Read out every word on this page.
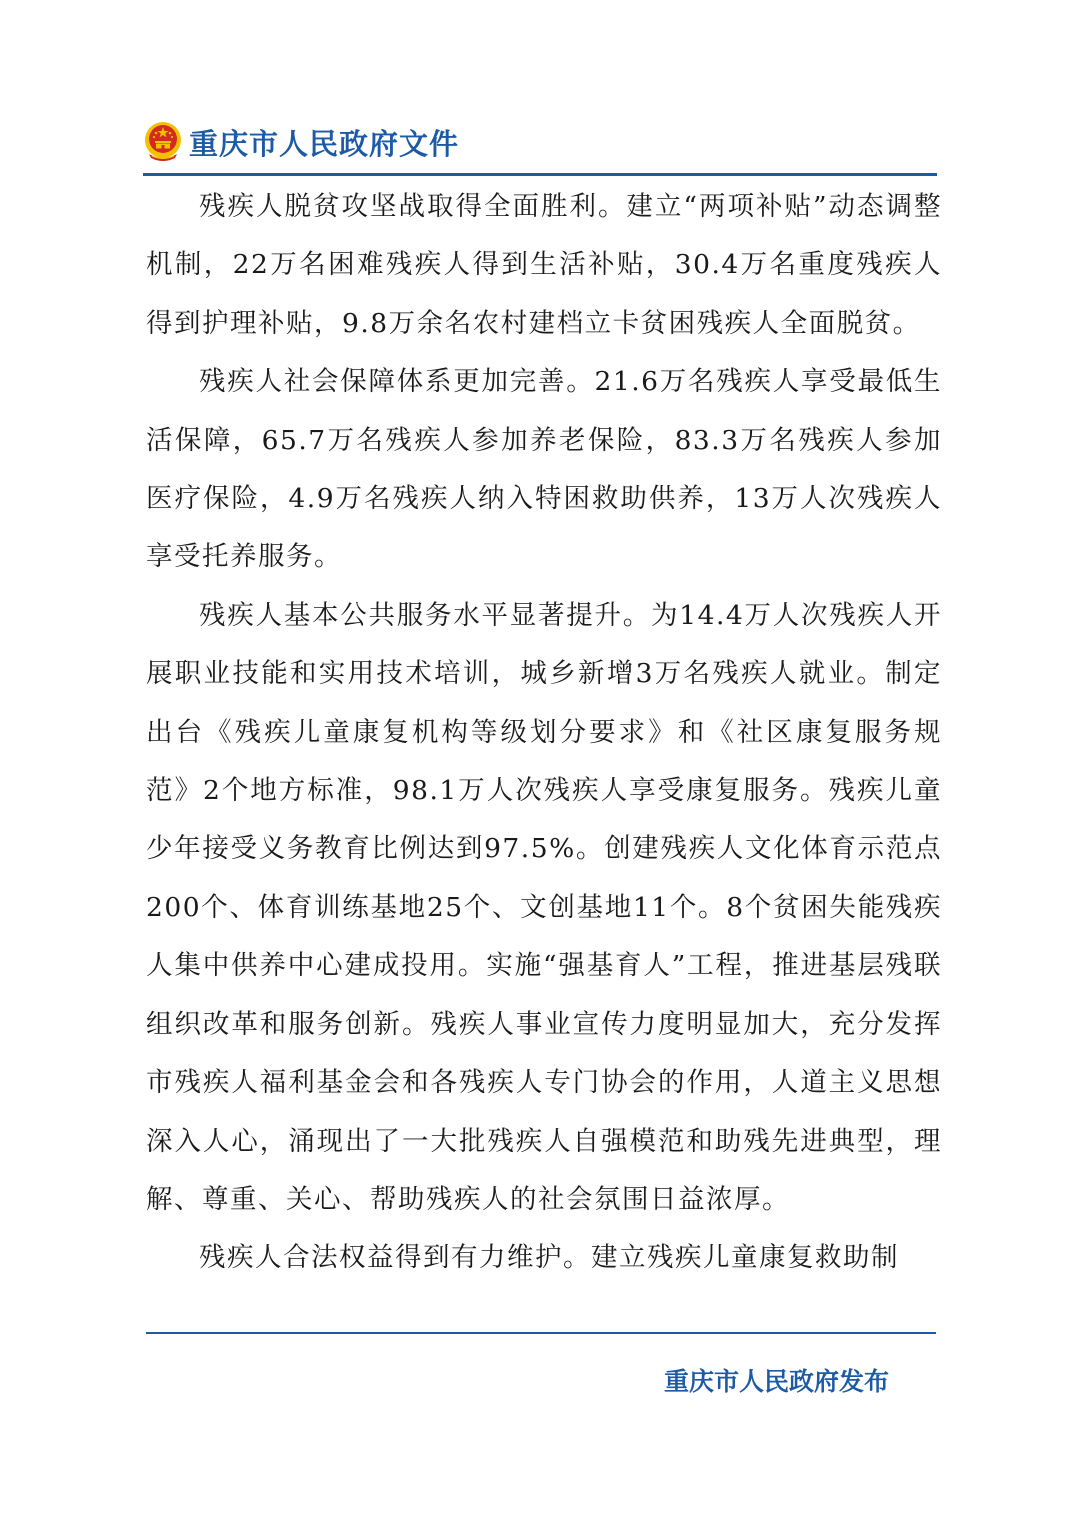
重庆市人民政府文件

残疾人脱贫攻坚战取得全面胜利。建立“两项补贴”动态调整机制，22万名困难残疾人得到生活补贴，30.4万名重度残疾人得到护理补贴，9.8万余名农村建档立卡贫困残疾人全面脱贫。

残疾人社会保障体系更加完善。21.6万名残疾人享受最低生活保障，65.7万名残疾人参加养老保险，83.3万名残疾人参加医疗保险，4.9万名残疾人纳入特困救助供养，13万人次残疾人享受托养服务。

残疾人基本公共服务水平显著提升。为14.4万人次残疾人开展职业技能和实用技术培训，城乡新增3万名残疾人就业。制定出台《残疾儿童康复机构等级划分要求》和《社区康复服务规范》2个地方标准，98.1万人次残疾人享受康复服务。残疾儿童少年接受义务教育比例达到97.5%。创建残疾人文化体育示范点200个、体育训练基地25个、文创基地11个。8个贫困失能残疾人集中供养中心建成投用。实施“强基育人”工程，推进基层残联组织改革和服务创新。残疾人事业宣传力度明显加大，充分发挥市残疾人福利基金会和各残疾人专门协会的作用，人道主义思想深入人心，涌现出了一大批残疾人自强模范和助残先进典型，理解、尊重、关心、帮助残疾人的社会氛围日益浓厚。

残疾人合法权益得到有力维护。建立残疾儿童康复救助制

重庆市人民政府发布
